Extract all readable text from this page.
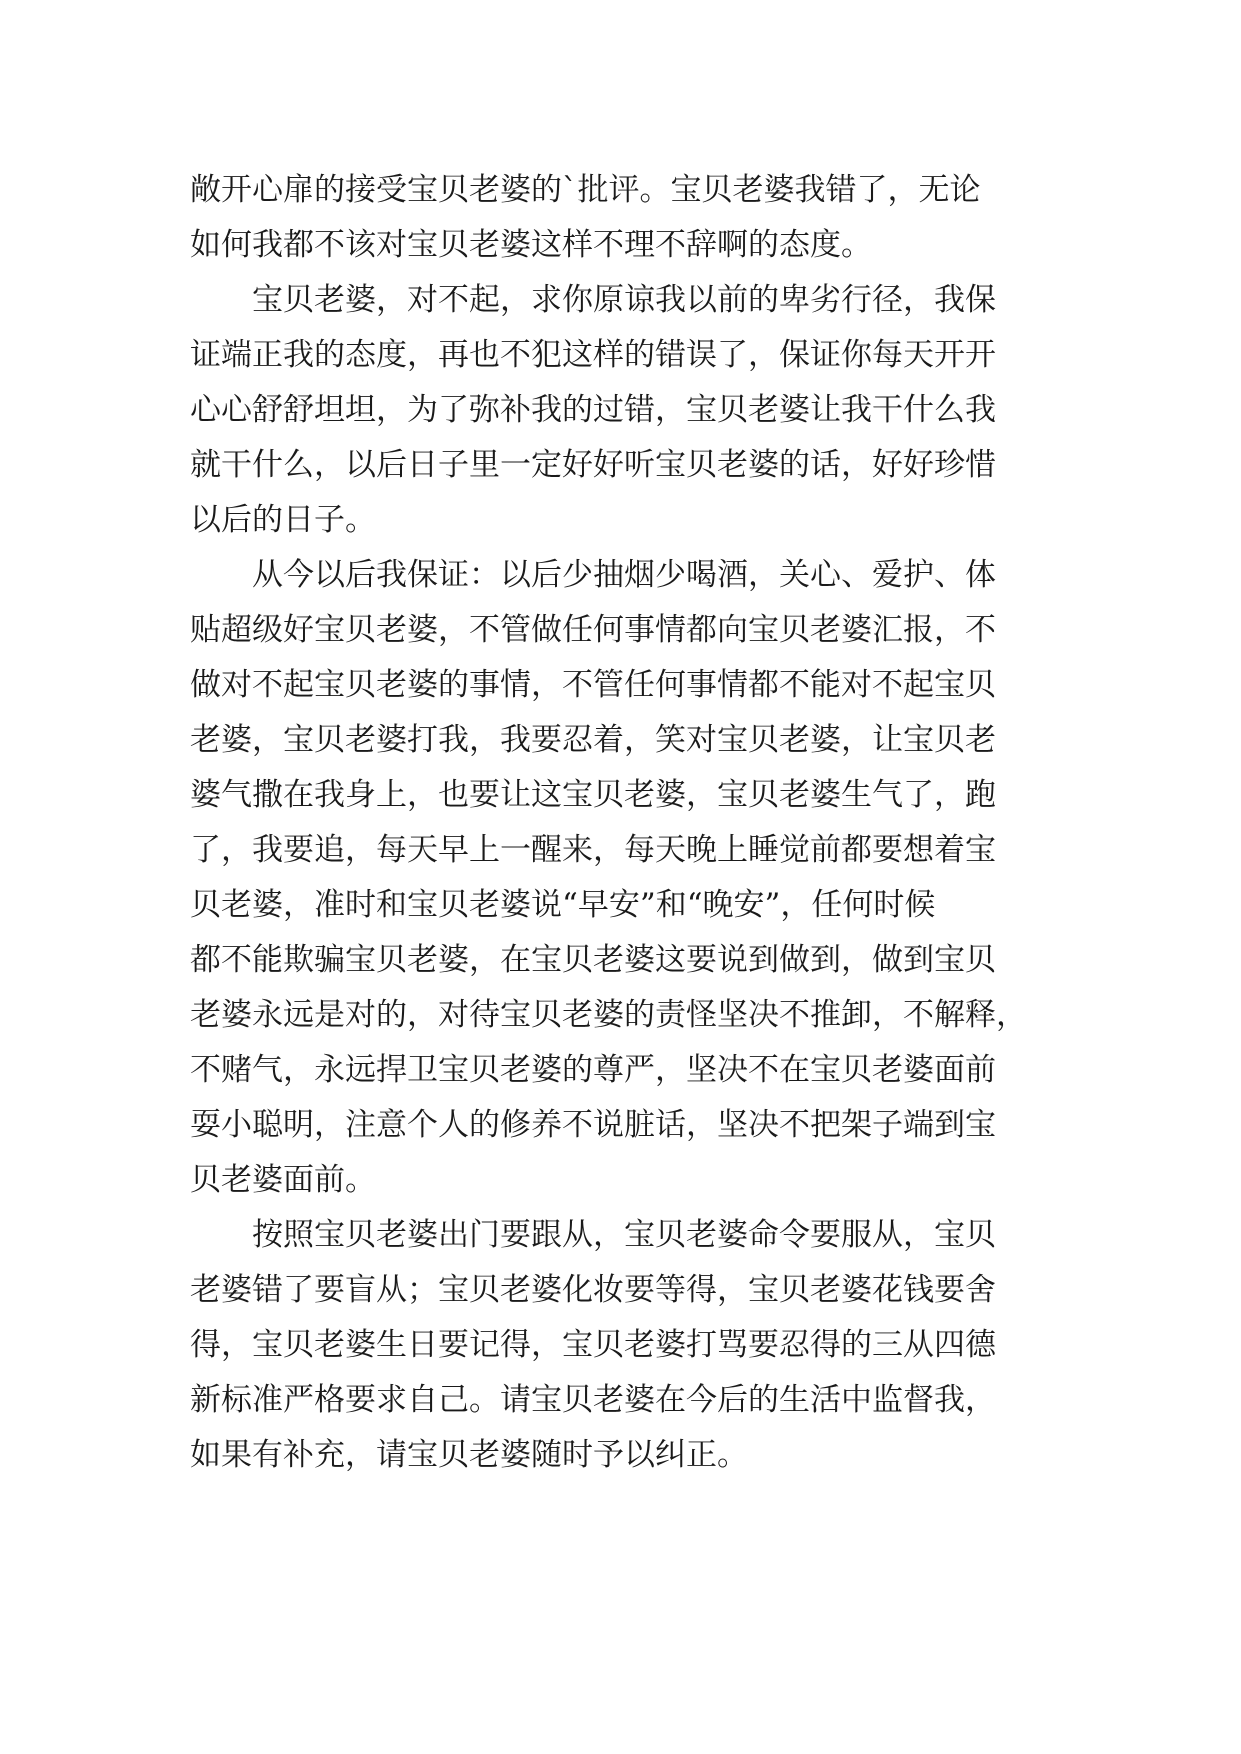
敞开心扉的接受宝贝老婆的`批评。宝贝老婆我错了，无论
如何我都不该对宝贝老婆这样不理不辞啊的态度。
　　宝贝老婆，对不起，求你原谅我以前的卑劣行径，我保
证端正我的态度，再也不犯这样的错误了，保证你每天开开
心心舒舒坦坦，为了弥补我的过错，宝贝老婆让我干什么我
就干什么，以后日子里一定好好听宝贝老婆的话，好好珍惜
以后的日子。
　　从今以后我保证：以后少抽烟少喝酒，关心、爱护、体
贴超级好宝贝老婆，不管做任何事情都向宝贝老婆汇报，不
做对不起宝贝老婆的事情，不管任何事情都不能对不起宝贝
老婆，宝贝老婆打我，我要忍着，笑对宝贝老婆，让宝贝老
婆气撒在我身上，也要让这宝贝老婆，宝贝老婆生气了，跑
了，我要追，每天早上一醒来，每天晚上睡觉前都要想着宝
贝老婆，准时和宝贝老婆说“早安”和“晚安”，任何时候
都不能欺骗宝贝老婆，在宝贝老婆这要说到做到，做到宝贝
老婆永远是对的，对待宝贝老婆的责怪坚决不推卸，不解释，
不赌气，永远捍卫宝贝老婆的尊严，坚决不在宝贝老婆面前
耍小聪明，注意个人的修养不说脏话，坚决不把架子端到宝
贝老婆面前。
　　按照宝贝老婆出门要跟从，宝贝老婆命令要服从，宝贝
老婆错了要盲从；宝贝老婆化妆要等得，宝贝老婆花钱要舍
得，宝贝老婆生日要记得，宝贝老婆打骂要忍得的三从四德
新标准严格要求自己。请宝贝老婆在今后的生活中监督我，
如果有补充，请宝贝老婆随时予以纠正。
